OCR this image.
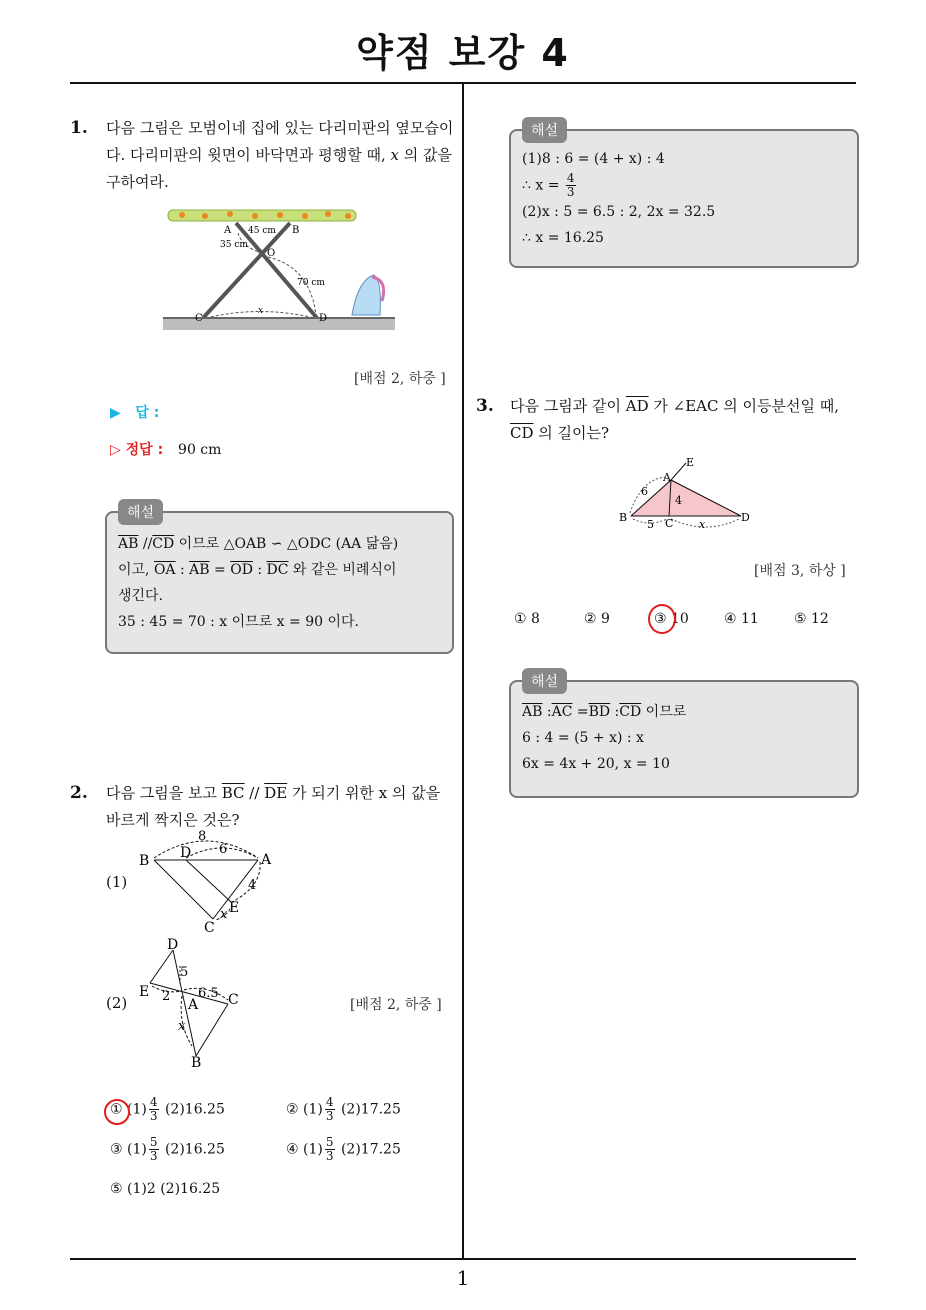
약점 보강 4
1
1. 다음 그림은 모범이네 집에 있는 다리미판의 옆모습이
다. 다리미판의 윗면이 바닥면과 평행할 때, x 의 값을
구하여라.
A	B
O
C	D
45 cm
35 cm
70 cm
x
[배점 2, 하중 ]
▶   답 :
▷ 정답 : 90 cm
해설
$\overline{AB}$ $//\overline{CD}$ 이므로 △OAB ∽ △ODC (AA 닮음)
이고, $\overline{OA}$ : $\overline{AB} = \overline{OD}$ : $\overline{DC}$ 와 같은 비례식이
생긴다.
35 : 45 = 70 : x 이므로 x = 90 이다.
2. 다음 그림을 보고 $\overline{BC} // \overline{DE}$ 가 되기 위한 x 의 값을
바르게 짝지은 것은?
(1)
B D	A
E
C
8
6
4
x
(2)
D
E
A C
B
5
2 6.5
x
[배점 2, 하중 ]
① $(1) \frac{4}{3} (2)16.25$	② $(1) \frac{4}{3} (2)17.25$
③ $(1) \frac{5}{3} (2)16.25$	④ $(1) \frac{5}{3} (2)17.25$
⑤ (1)2 (2)16.25
해설
(1)8 : 6 = (4 + x) : 4
∴ $x = \frac{4}{3}$
(2)x : 5 = 6.5 : 2, 2x = 32.5
∴ x = 16.25
3. 다음 그림과 같이 $\overline{AD}$ 가 ∠EAC 의 이등분선일 때,
$\overline{CD}$ 의 길이는?
A
E
B	C	D
6
4
5	x
[배점 3, 하상 ]
① 8	② 9	③ 10	④ 11	⑤ 12
해설
$\overline{AB}$ $:\overline{AC} =\overline{BD}$ $:\overline{CD}$ 이므로
6 : 4 = (5 + x) : x
6x = 4x + 20, x = 10
